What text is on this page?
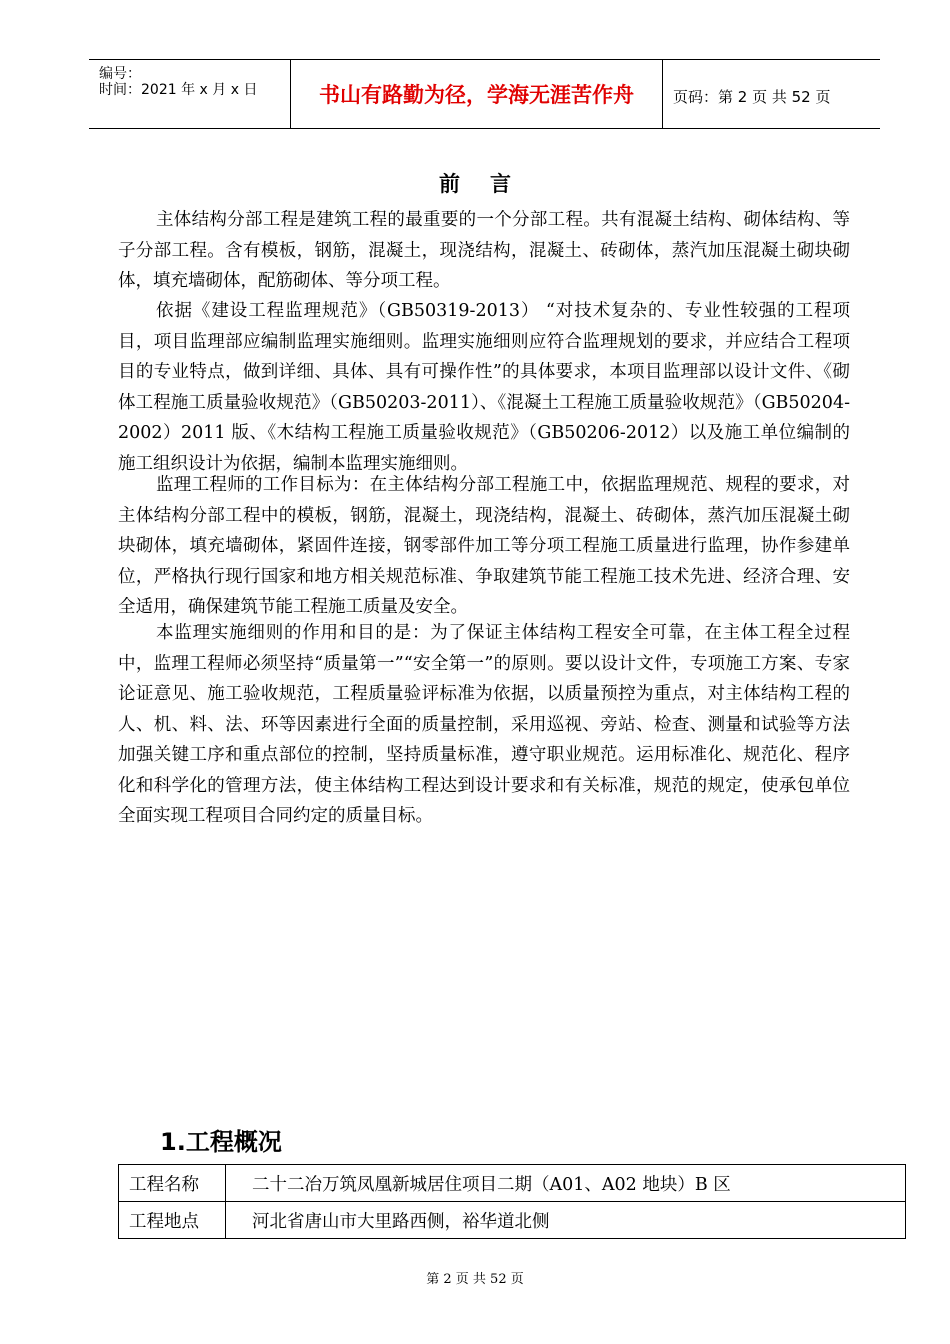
编号：
时间：2021 年 x 月 x 日	书山有路勤为径，学海无涯苦作舟	页码：第 2 页 共 52 页
前言

主体结构分部工程是建筑工程的最重要的一个分部工程。共有混凝土结构、砌体结构、等子分部工程。含有模板，钢筋，混凝土，现浇结构，混凝土、砖砌体，蒸汽加压混凝土砌块砌体，填充墙砌体，配筋砌体、等分项工程。

依据《建设工程监理规范》（GB50319-2013） “对技术复杂的、专业性较强的工程项目，项目监理部应编制监理实施细则。监理实施细则应符合监理规划的要求，并应结合工程项目的专业特点，做到详细、具体、具有可操作性”的具体要求，本项目监理部以设计文件、《砌体工程施工质量验收规范》（GB50203-2011）、《混凝土工程施工质量验收规范》（GB50204-2002）2011 版、《木结构工程施工质量验收规范》（GB50206-2012）以及施工单位编制的施工组织设计为依据，编制本监理实施细则。

监理工程师的工作目标为：在主体结构分部工程施工中，依据监理规范、规程的要求，对主体结构分部工程中的模板，钢筋，混凝土，现浇结构，混凝土、砖砌体，蒸汽加压混凝土砌块砌体，填充墙砌体，紧固件连接，钢零部件加工等分项工程施工质量进行监理，协作参建单位，严格执行现行国家和地方相关规范标准、争取建筑节能工程施工技术先进、经济合理、安全适用，确保建筑节能工程施工质量及安全。

本监理实施细则的作用和目的是：为了保证主体结构工程安全可靠，在主体工程全过程中，监理工程师必须坚持“质量第一”“安全第一”的原则。要以设计文件，专项施工方案、专家论证意见、施工验收规范，工程质量验评标准为依据，以质量预控为重点，对主体结构工程的人、机、料、法、环等因素进行全面的质量控制，采用巡视、旁站、检查、测量和试验等方法加强关键工序和重点部位的控制，坚持质量标准，遵守职业规范。运用标准化、规范化、程序化和科学化的管理方法，使主体结构工程达到设计要求和有关标准，规范的规定，使承包单位全面实现工程项目合同约定的质量目标。

1.工程概况
工程名称	二十二冶万筑凤凰新城居住项目二期（A01、A02 地块）B 区
工程地点	河北省唐山市大里路西侧，裕华道北侧
第 2 页 共 52 页
